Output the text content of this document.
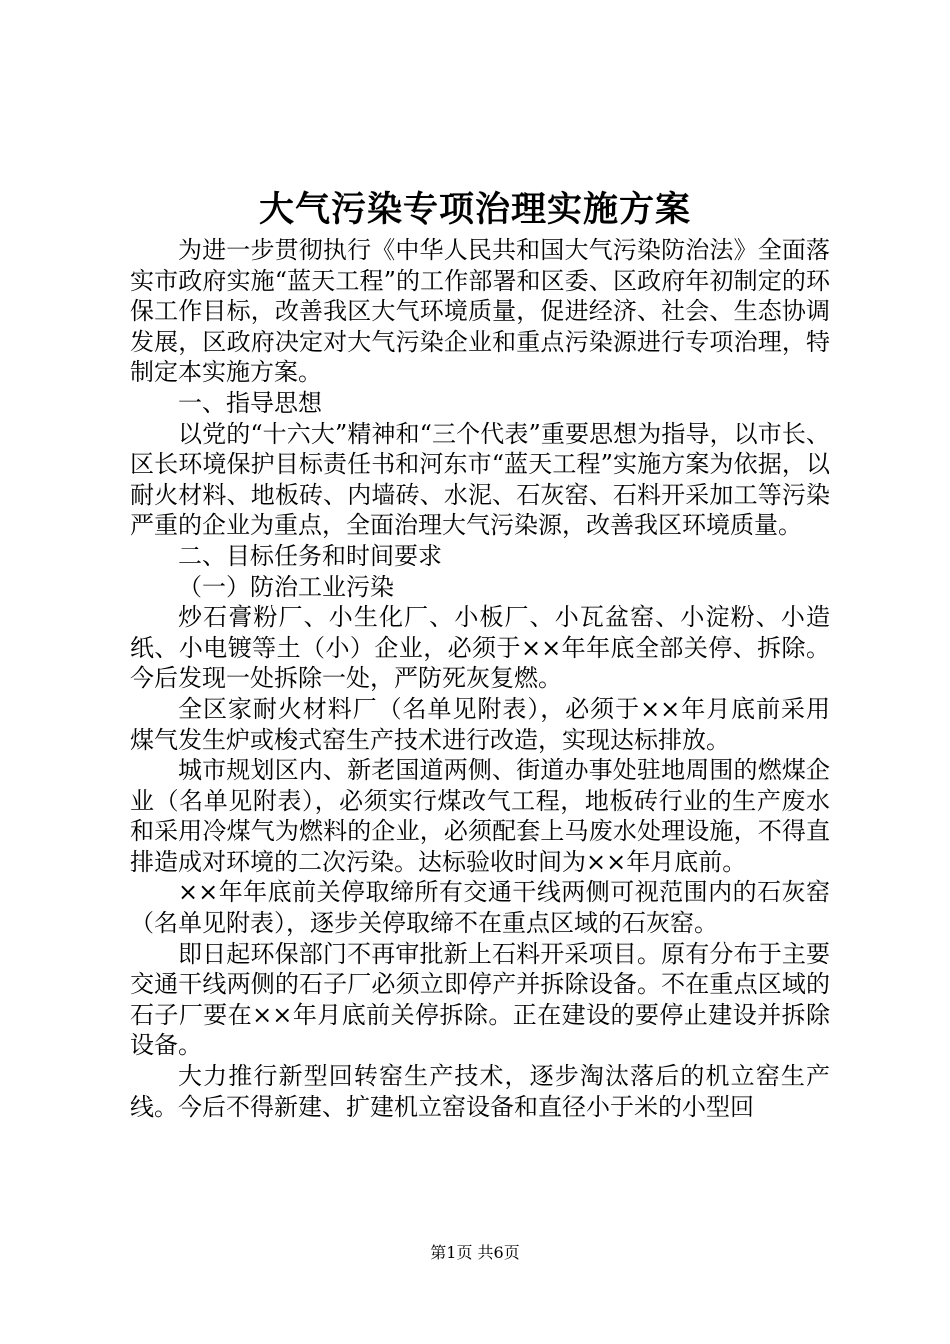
大气污染专项治理实施方案

为进一步贯彻执行《中华人民共和国大气污染防治法》全面落实市政府实施“蓝天工程”的工作部署和区委、区政府年初制定的环保工作目标，改善我区大气环境质量，促进经济、社会、生态协调发展，区政府决定对大气污染企业和重点污染源进行专项治理，特制定本实施方案。

一、指导思想

以党的“十六大”精神和“三个代表”重要思想为指导，以市长、区长环境保护目标责任书和河东市“蓝天工程”实施方案为依据，以耐火材料、地板砖、内墙砖、水泥、石灰窑、石料开采加工等污染严重的企业为重点，全面治理大气污染源，改善我区环境质量。

二、目标任务和时间要求

（一）防治工业污染

炒石膏粉厂、小生化厂、小板厂、小瓦盆窑、小淀粉、小造纸、小电镀等土（小）企业，必须于××年年底全部关停、拆除。今后发现一处拆除一处，严防死灰复燃。

全区家耐火材料厂（名单见附表），必须于××年月底前采用煤气发生炉或梭式窑生产技术进行改造，实现达标排放。

城市规划区内、新老国道两侧、街道办事处驻地周围的燃煤企业（名单见附表），必须实行煤改气工程，地板砖行业的生产废水和采用冷煤气为燃料的企业，必须配套上马废水处理设施，不得直排造成对环境的二次污染。达标验收时间为××年月底前。

××年年底前关停取缔所有交通干线两侧可视范围内的石灰窑（名单见附表），逐步关停取缔不在重点区域的石灰窑。

即日起环保部门不再审批新上石料开采项目。原有分布于主要交通干线两侧的石子厂必须立即停产并拆除设备。不在重点区域的石子厂要在××年月底前关停拆除。正在建设的要停止建设并拆除设备。

大力推行新型回转窑生产技术，逐步淘汰落后的机立窑生产线。今后不得新建、扩建机立窑设备和直径小于米的小型回

第1页 共6页
